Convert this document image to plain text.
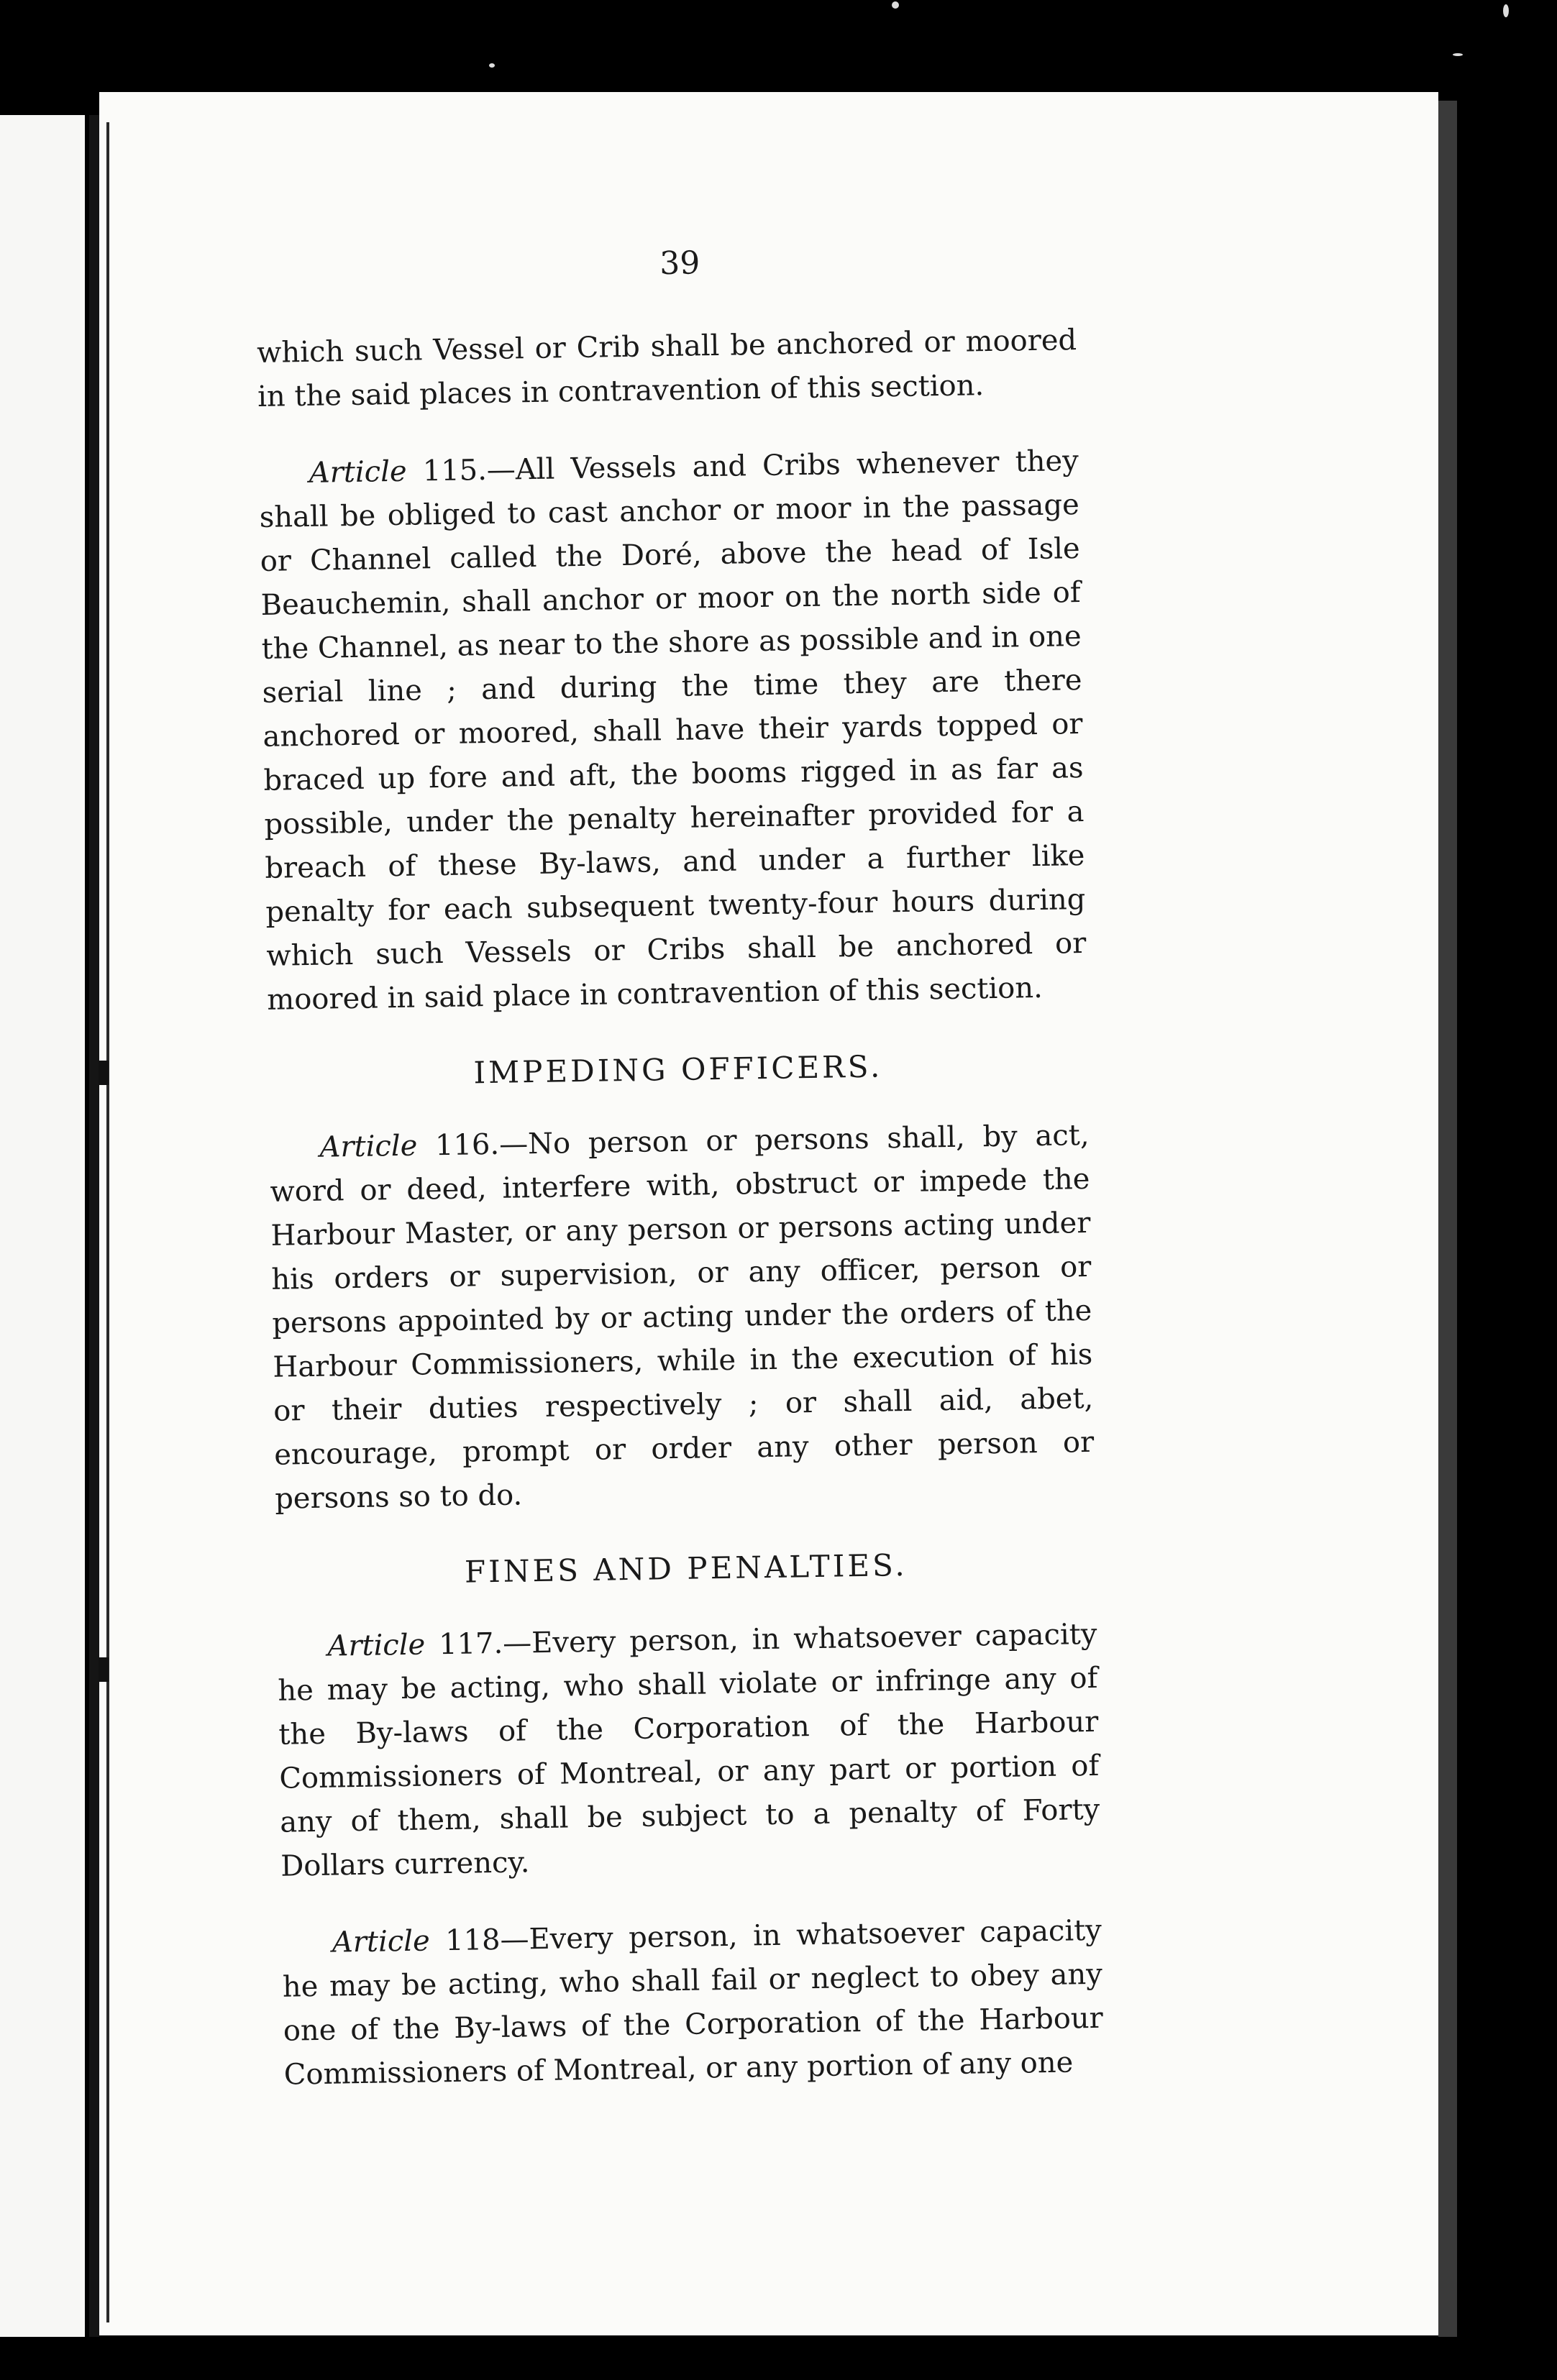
39

which such Vessel or Crib shall be anchored or moored in the said places in contravention of this section.

Article 115.—All Vessels and Cribs whenever they shall be obliged to cast anchor or moor in the passage or Channel called the Doré, above the head of Isle Beauchemin, shall anchor or moor on the north side of the Channel, as near to the shore as possible and in one serial line ; and during the time they are there anchored or moored, shall have their yards topped or braced up fore and aft, the booms rigged in as far as possible, under the penalty hereinafter provided for a breach of these By-laws, and under a further like penalty for each subsequent twenty-four hours during which such Vessels or Cribs shall be anchored or moored in said place in contravention of this section.

IMPEDING OFFICERS.

Article 116.—No person or persons shall, by act, word or deed, interfere with, obstruct or impede the Harbour Master, or any person or persons acting under his orders or supervision, or any officer, person or persons appointed by or acting under the orders of the Harbour Commissioners, while in the execution of his or their duties respectively ; or shall aid, abet, encourage, prompt or order any other person or persons so to do.

FINES AND PENALTIES.

Article 117.—Every person, in whatsoever capacity he may be acting, who shall violate or infringe any of the By-laws of the Corporation of the Harbour Commissioners of Montreal, or any part or portion of any of them, shall be subject to a penalty of Forty Dollars currency.

Article 118—Every person, in whatsoever capacity he may be acting, who shall fail or neglect to obey any one of the By-laws of the Corporation of the Harbour Commissioners of Montreal, or any portion of any one
